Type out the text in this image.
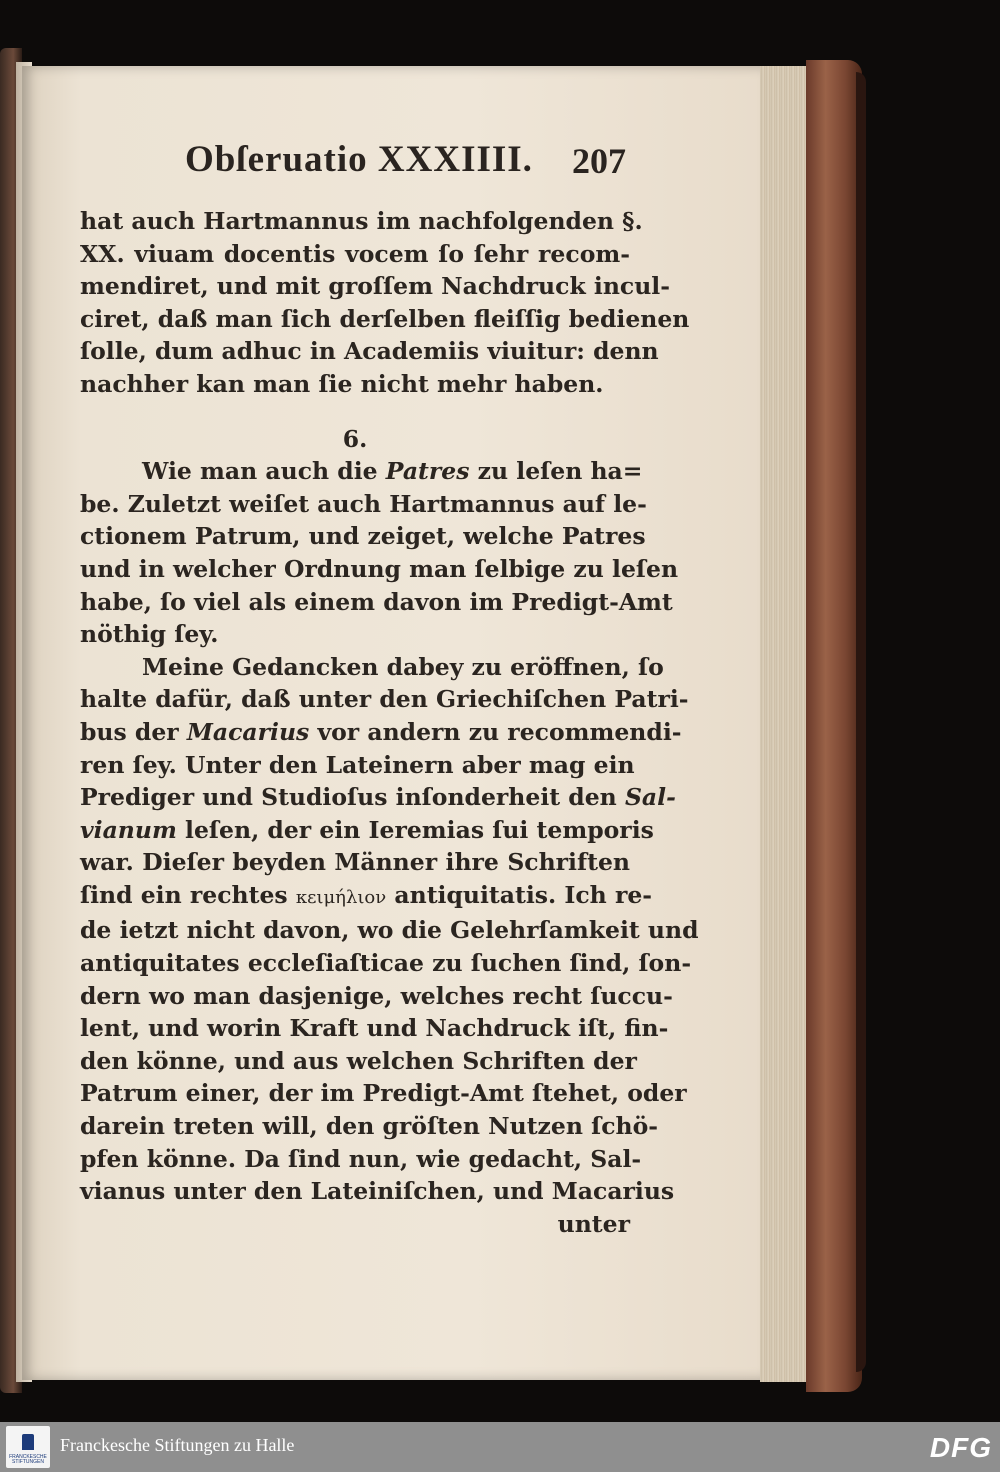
Obſeruatio XXXIIII. 207
hat auch Hartmannus im nachfolgenden §.
XX. viuam docentis vocem ſo ſehr recom-
mendiret, und mit groſſem Nachdruck incul-
ciret, daß man ſich derſelben fleiſſig bedienen
ſolle, dum adhuc in Academiis viuitur: denn
nachher kan man ſie nicht mehr haben.
6.
Wie man auch die Patres zu leſen ha=
be. Zuletzt weiſet auch Hartmannus auf le-
ctionem Patrum, und zeiget, welche Patres
und in welcher Ordnung man ſelbige zu leſen
habe, ſo viel als einem davon im Predigt-Amt
nöthig ſey.
Meine Gedancken dabey zu eröffnen, ſo
halte dafür, daß unter den Griechiſchen Patri-
bus der Macarius vor andern zu recommendi-
ren ſey. Unter den Lateinern aber mag ein
Prediger und Studioſus inſonderheit den Sal-
vianum leſen, der ein Ieremias ſui temporis
war. Dieſer beyden Männer ihre Schriften
ſind ein rechtes κειμήλιον antiquitatis. Ich re-
de ietzt nicht davon, wo die Gelehrſamkeit und
antiquitates eccleſiaſticae zu ſuchen ſind, ſon-
dern wo man dasjenige, welches recht ſuccu-
lent, und worin Kraft und Nachdruck iſt, fin-
den könne, und aus welchen Schriften der
Patrum einer, der im Predigt-Amt ſtehet, oder
darein treten will, den gröſten Nutzen ſchö-
pfen könne. Da ſind nun, wie gedacht, Sal-
vianus unter den Lateiniſchen, und Macarius
unter
FRANCKESCHE STIFTUNGEN
Franckesche Stiftungen zu Halle	DFG
